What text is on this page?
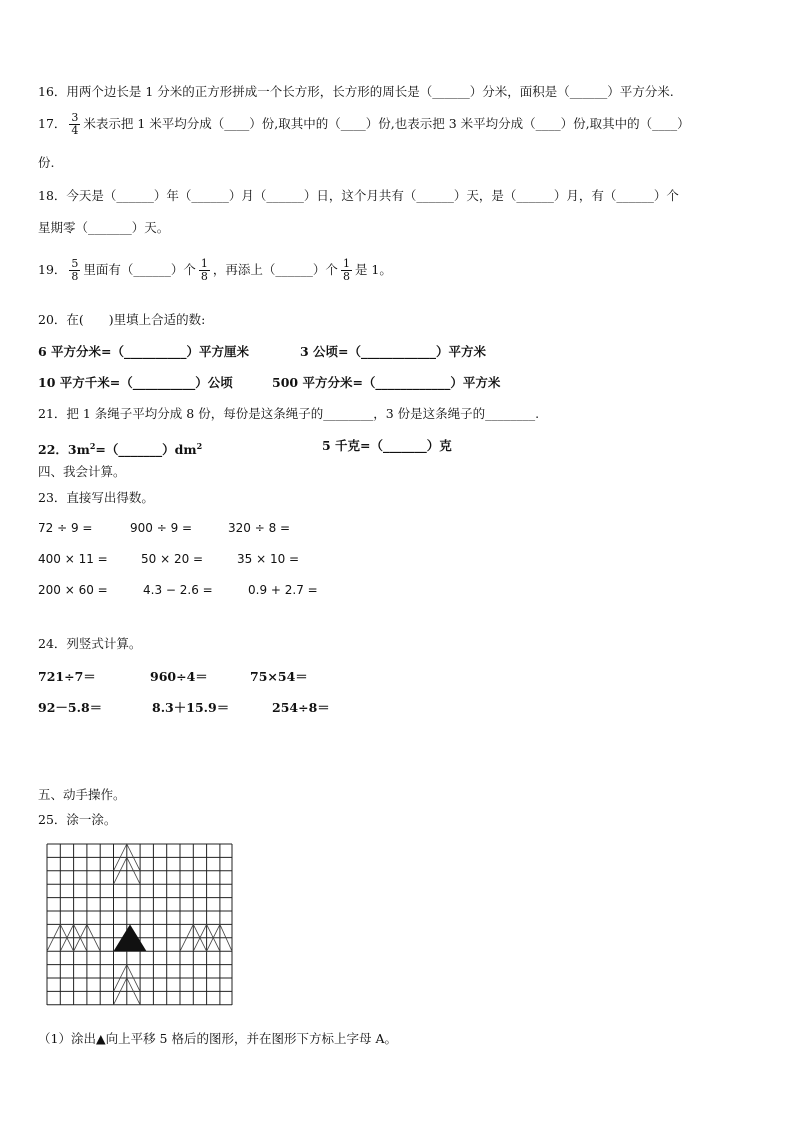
16．用两个边长是 1 分米的正方形拼成一个长方形，长方形的周长是（______）分米，面积是（______）平方分米.
17． $\frac{3}{4}$ 米表示把 1 米平均分成（____）份,取其中的（____）份,也表示把 3 米平均分成（____）份,取其中的（____）
份.
18．今天是（______）年（______）月（______）日，这个月共有（______）天，是（______）月，有（______）个
星期零（_______）天。
19． $\frac{5}{8}$ 里面有（______）个 $\frac{1}{8}$ ，再添上（______）个 $\frac{1}{8}$ 是 1。
20．在(　　)里填上合适的数:
6 平方分米=（__________）平方厘米	3 公顷=（____________）平方米
10 平方千米=（__________）公顷	500 平方分米=（____________）平方米
21．把 1 条绳子平均分成 8 份，每份是这条绳子的________，3 份是这条绳子的________.
22．$3m^2=(\_\_\_\_\_\_\_)dm^2$	5 千克=（_______）克
四、我会计算。
23．直接写出得数。
72 ÷ 9 =	900 ÷ 9 =	320 ÷ 8 =
400 × 11 =	50 × 20 =	35 × 10 =
200 × 60 =	4.3 − 2.6 =	0.9 + 2.7 =
24．列竖式计算。
721÷7＝	960÷4＝	75×54＝
92－5.8＝	8.3＋15.9＝	254÷8＝
五、动手操作。
25．涂一涂。
（1）涂出▲向上平移 5 格后的图形，并在图形下方标上字母 A。
